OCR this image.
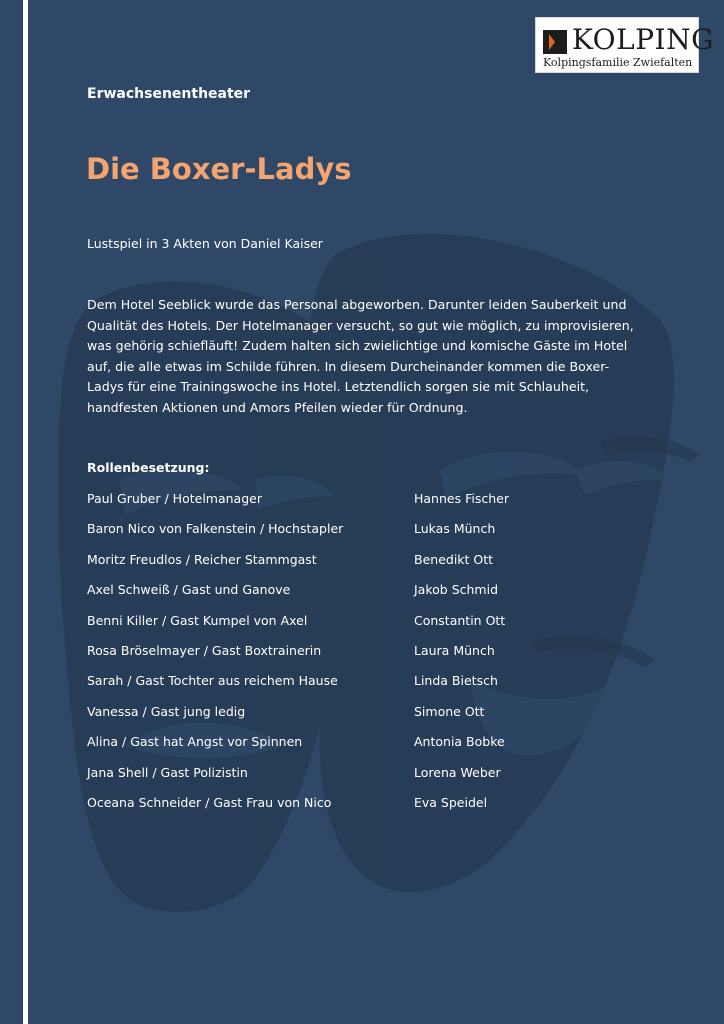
KOLPING
Kolpingsfamilie Zwiefalten

Erwachsenentheater

Die Boxer-Ladys

Lustspiel in 3 Akten von Daniel Kaiser

Dem Hotel Seeblick wurde das Personal abgeworben. Darunter leiden Sauberkeit und Qualität des Hotels. Der Hotelmanager versucht, so gut wie möglich, zu improvisieren, was gehörig schiefläuft! Zudem halten sich zwielichtige und komische Gäste im Hotel auf, die alle etwas im Schilde führen. In diesem Durcheinander kommen die Boxer-Ladys für eine Trainingswoche ins Hotel. Letztendlich sorgen sie mit Schlauheit, handfesten Aktionen und Amors Pfeilen wieder für Ordnung.

Rollenbesetzung:

Paul Gruber / Hotelmanager	Hannes Fischer
Baron Nico von Falkenstein / Hochstapler	Lukas Münch
Moritz Freudlos / Reicher Stammgast	Benedikt Ott
Axel Schweiß / Gast und Ganove	Jakob Schmid
Benni Killer / Gast Kumpel von Axel	Constantin Ott
Rosa Bröselmayer / Gast Boxtrainerin	Laura Münch
Sarah / Gast Tochter aus reichem Hause	Linda Bietsch
Vanessa / Gast jung ledig	Simone Ott
Alina / Gast hat Angst vor Spinnen	Antonia Bobke
Jana Shell / Gast Polizistin	Lorena Weber
Oceana Schneider / Gast Frau von Nico	Eva Speidel
